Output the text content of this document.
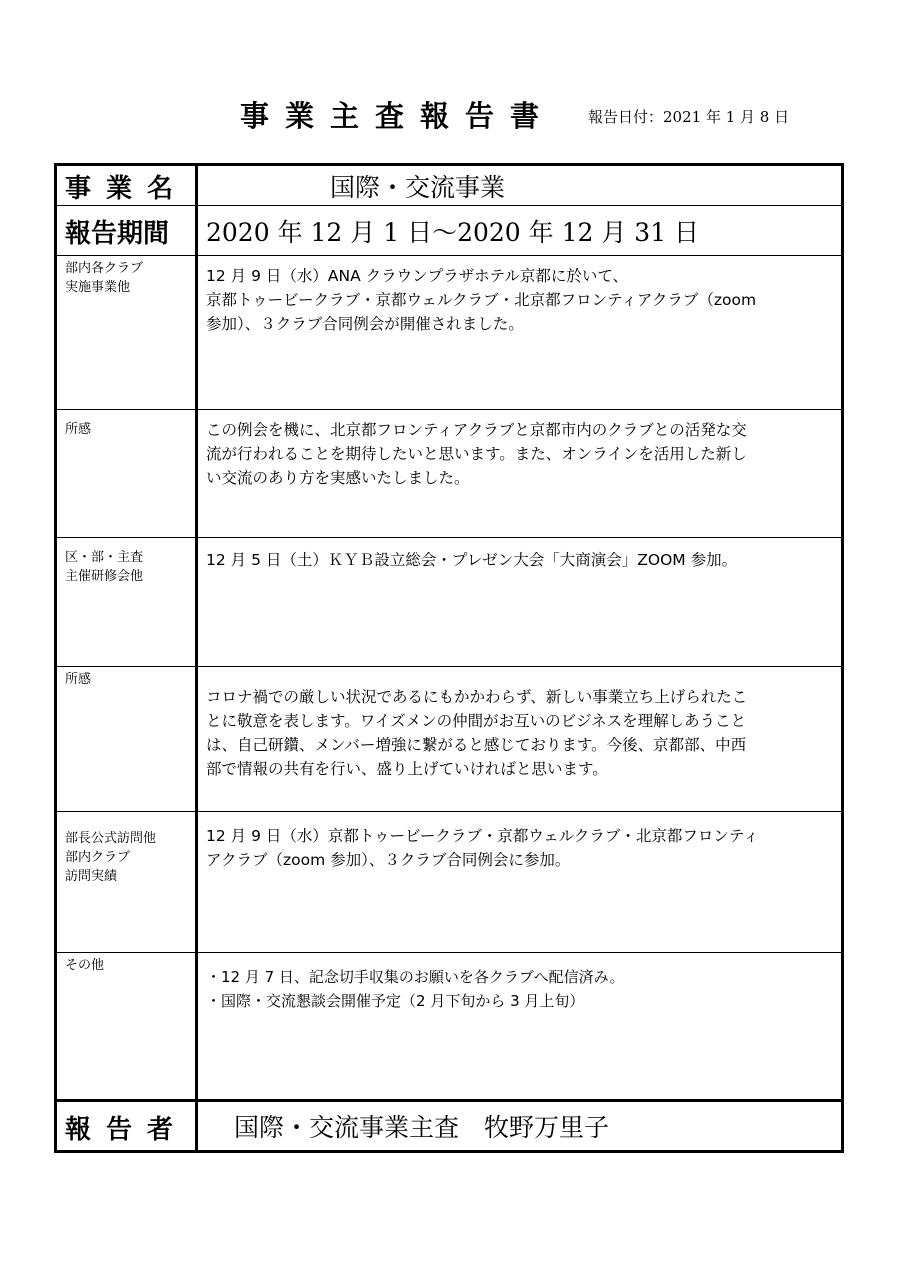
事業主査報告書 報告日付：2021 年 1 月 8 日
事業名	国際・交流事業
報告期間	2020 年 12 月 1 日～2020 年 12 月 31 日

部内各クラブ
実施事業他	12 月 9 日（水）ANA クラウンプラザホテル京都に於いて、
京都トゥービークラブ・京都ウェルクラブ・北京都フロンティアクラブ（zoom
参加）、３クラブ合同例会が開催されました。

所感	この例会を機に、北京都フロンティアクラブと京都市内のクラブとの活発な交
流が行われることを期待したいと思います。また、オンラインを活用した新し
い交流のあり方を実感いたしました。

区・部・主査
主催研修会他	12 月 5 日（土）ＫＹＢ設立総会・プレゼン大会「大商演会」ZOOM 参加。

所感	コロナ禍での厳しい状況であるにもかかわらず、新しい事業立ち上げられたこ
とに敬意を表します。ワイズメンの仲間がお互いのビジネスを理解しあうこと
は、自己研鑽、メンバー増強に繋がると感じております。今後、京都部、中西
部で情報の共有を行い、盛り上げていければと思います。

部長公式訪問他
部内クラブ
訪問実績	12 月 9 日（水）京都トゥービークラブ・京都ウェルクラブ・北京都フロンティ
アクラブ（zoom 参加）、３クラブ合同例会に参加。

その他	・12 月 7 日、記念切手収集のお願いを各クラブへ配信済み。
・国際・交流懇談会開催予定（2 月下旬から 3 月上旬）

報告者	国際・交流事業主査　牧野万里子
